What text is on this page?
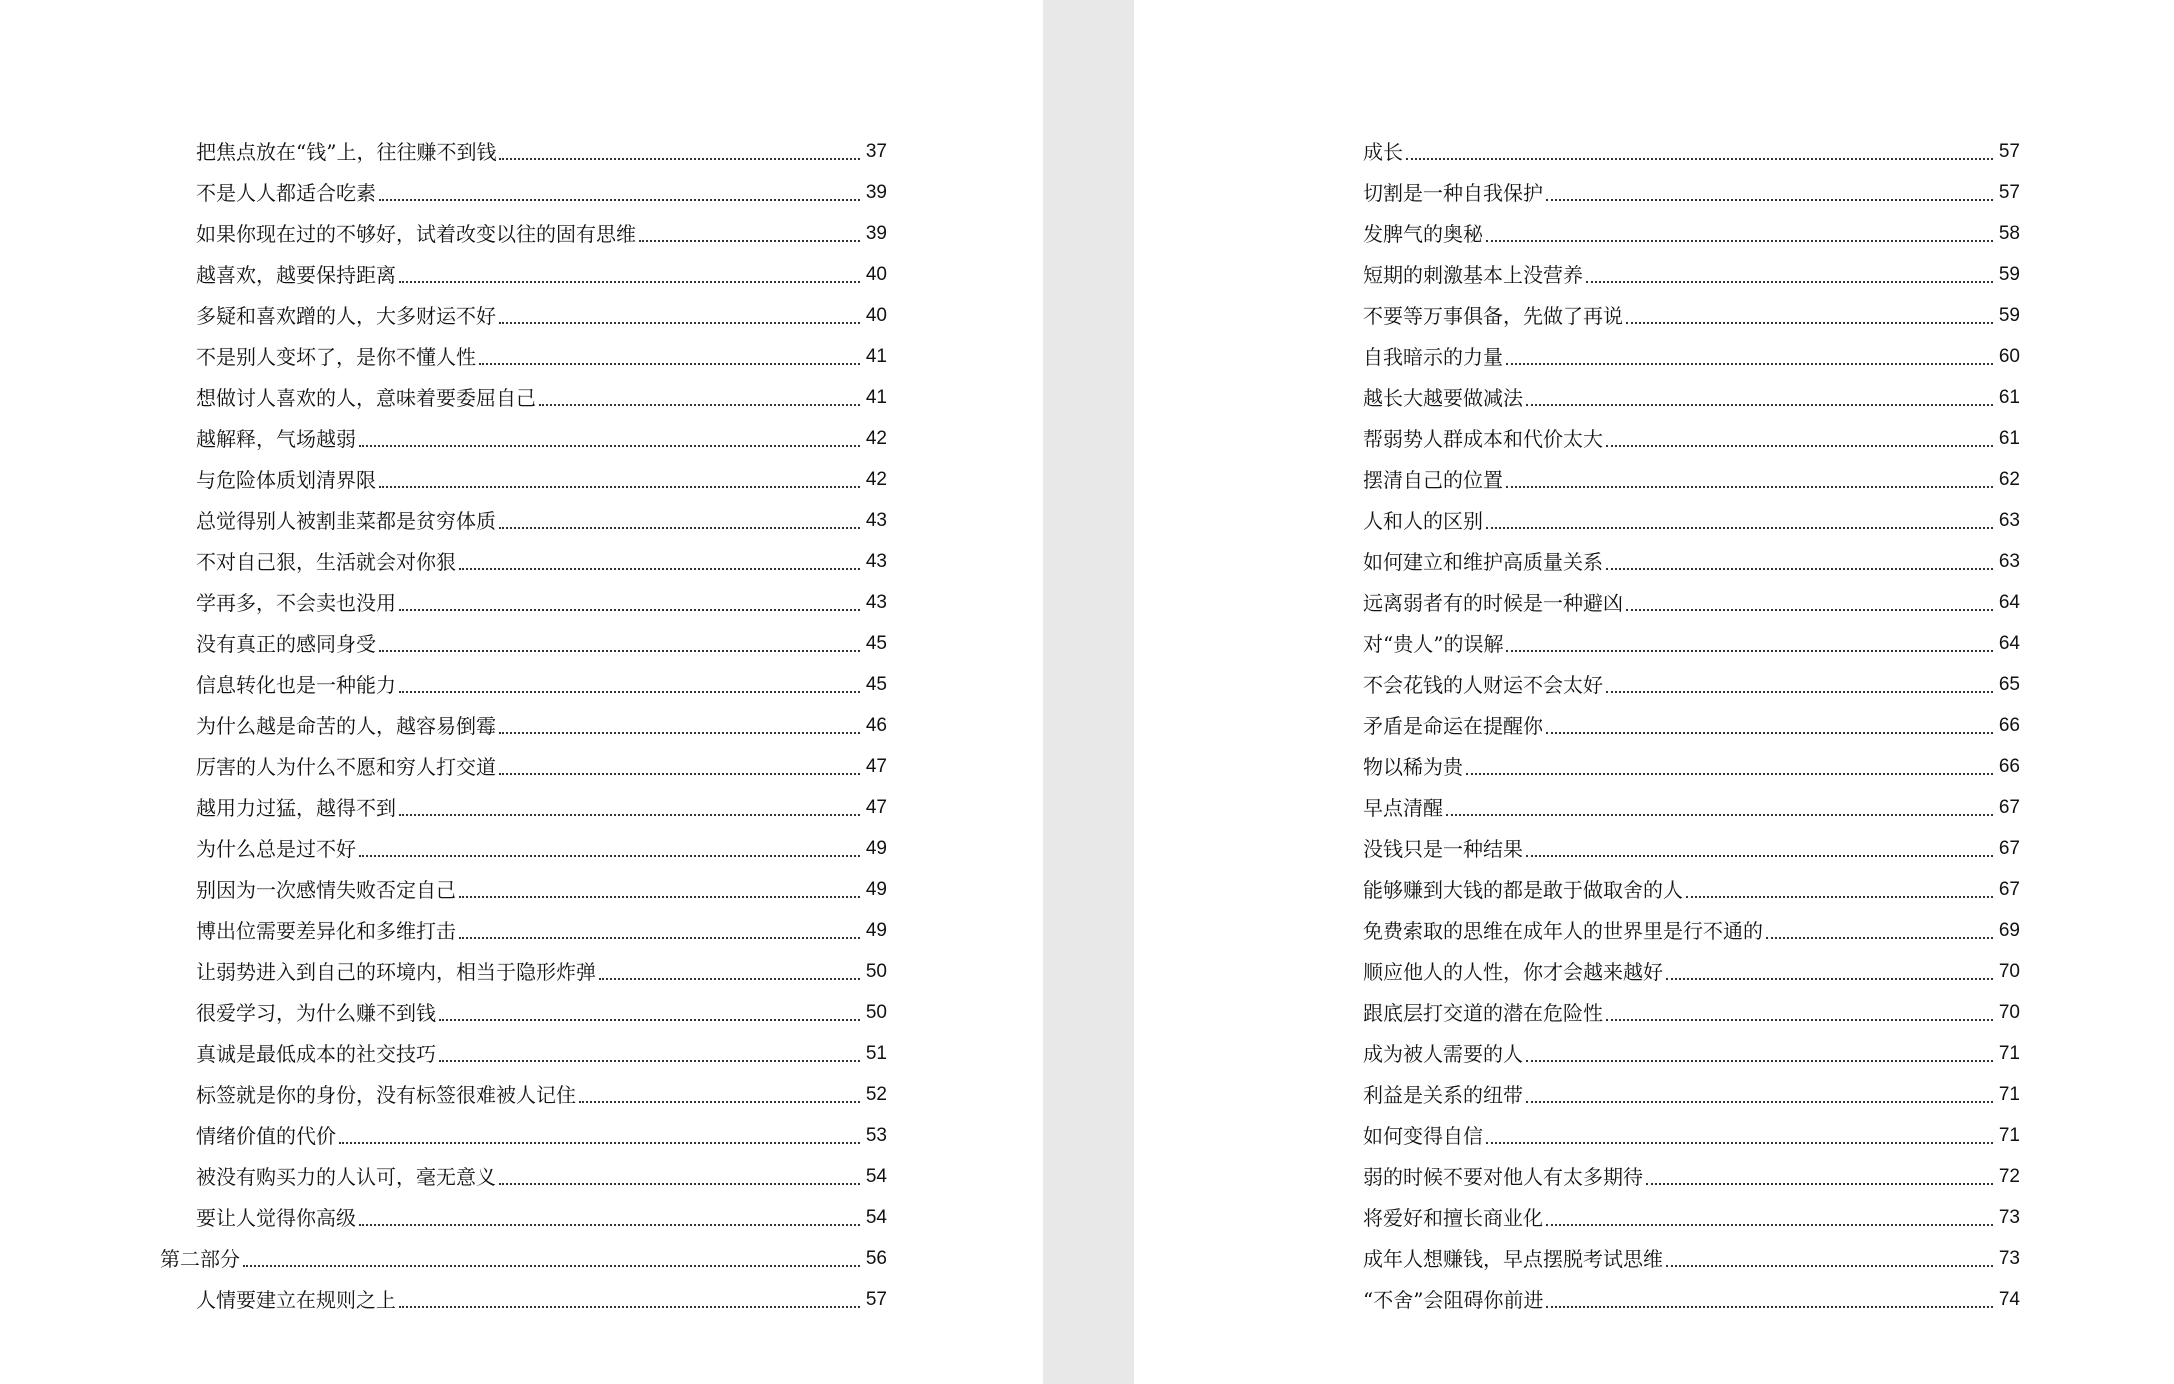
把焦点放在“钱”上，往往赚不到钱	37
不是人人都适合吃素	39
如果你现在过的不够好，试着改变以往的固有思维	39
越喜欢，越要保持距离	40
多疑和喜欢蹭的人，大多财运不好	40
不是别人变坏了，是你不懂人性	41
想做讨人喜欢的人，意味着要委屈自己	41
越解释，气场越弱	42
与危险体质划清界限	42
总觉得别人被割韭菜都是贫穷体质	43
不对自己狠，生活就会对你狠	43
学再多，不会卖也没用	43
没有真正的感同身受	45
信息转化也是一种能力	45
为什么越是命苦的人，越容易倒霉	46
厉害的人为什么不愿和穷人打交道	47
越用力过猛，越得不到	47
为什么总是过不好	49
别因为一次感情失败否定自己	49
博出位需要差异化和多维打击	49
让弱势进入到自己的环境内，相当于隐形炸弹	50
很爱学习，为什么赚不到钱	50
真诚是最低成本的社交技巧	51
标签就是你的身份，没有标签很难被人记住	52
情绪价值的代价	53
被没有购买力的人认可，毫无意义	54
要让人觉得你高级	54
第二部分	56
人情要建立在规则之上	57
成长	57
切割是一种自我保护	57
发脾气的奥秘	58
短期的刺激基本上没营养	59
不要等万事俱备，先做了再说	59
自我暗示的力量	60
越长大越要做减法	61
帮弱势人群成本和代价太大	61
摆清自己的位置	62
人和人的区别	63
如何建立和维护高质量关系	63
远离弱者有的时候是一种避凶	64
对“贵人”的误解	64
不会花钱的人财运不会太好	65
矛盾是命运在提醒你	66
物以稀为贵	66
早点清醒	67
没钱只是一种结果	67
能够赚到大钱的都是敢于做取舍的人	67
免费索取的思维在成年人的世界里是行不通的	69
顺应他人的人性，你才会越来越好	70
跟底层打交道的潜在危险性	70
成为被人需要的人	71
利益是关系的纽带	71
如何变得自信	71
弱的时候不要对他人有太多期待	72
将爱好和擅长商业化	73
成年人想赚钱，早点摆脱考试思维	73
“不舍”会阻碍你前进	74
